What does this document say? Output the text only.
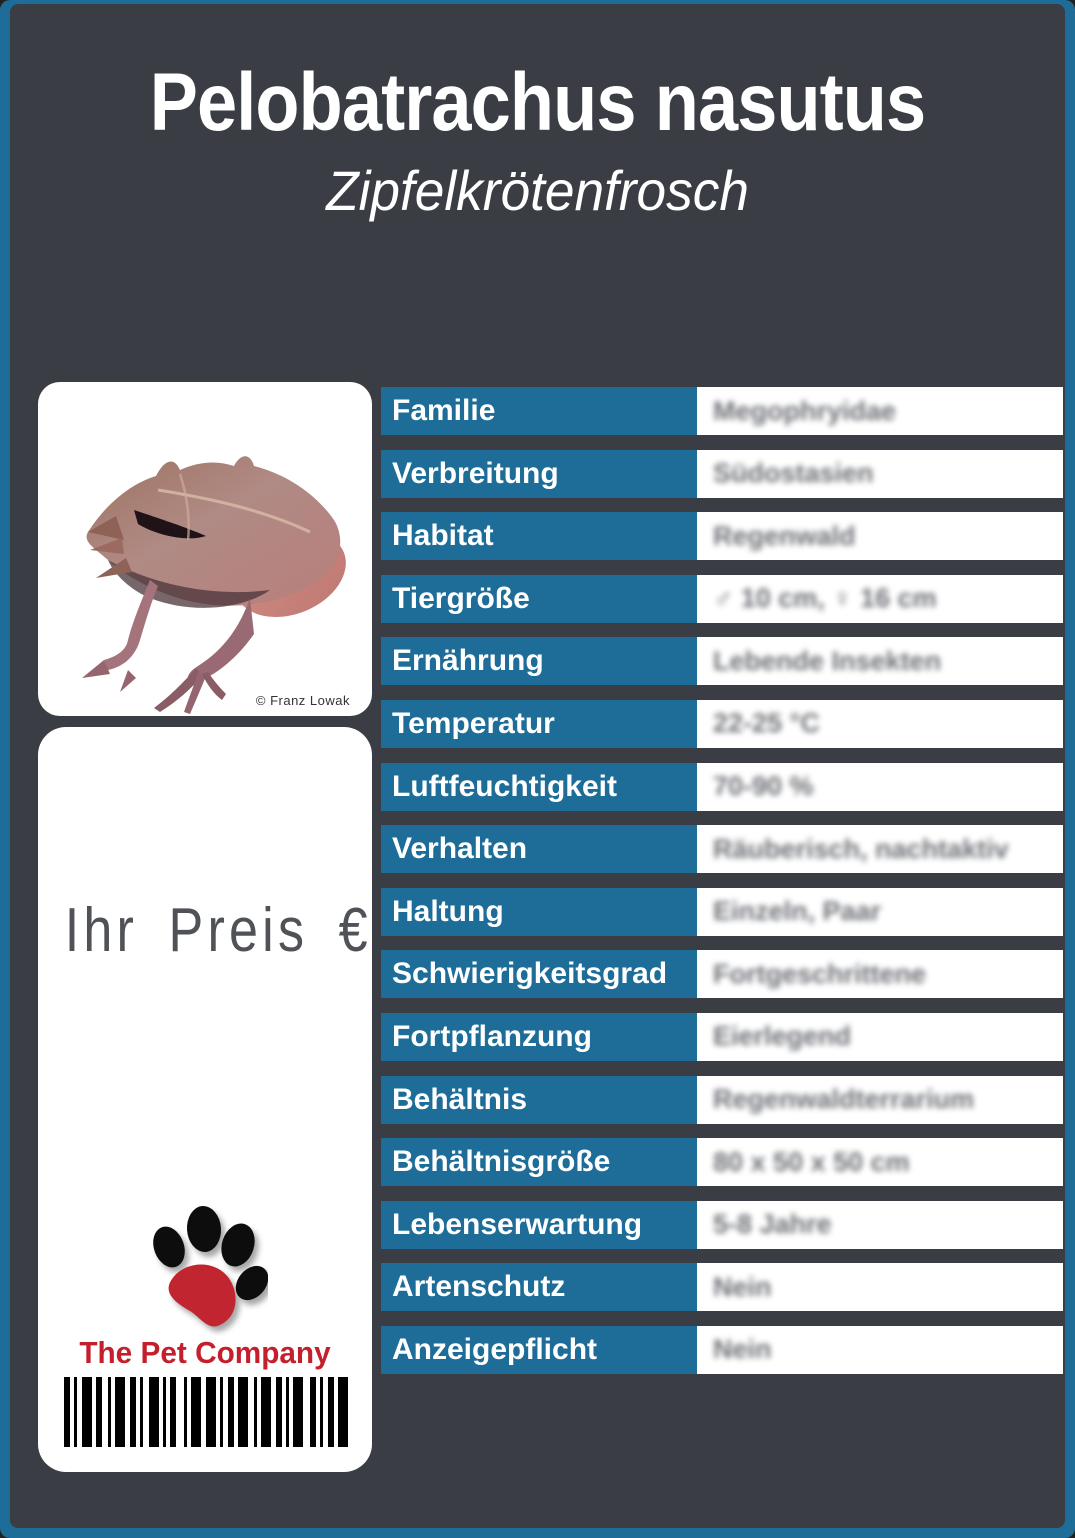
Pelobatrachus nasutus
Zipfelkrötenfrosch
© Franz Lowak
Ihr Preis €
The Pet Company
Familie	Megophryidae
Verbreitung	Südostasien
Habitat	Regenwald
Tiergröße	♂ 10 cm, ♀ 16 cm
Ernährung	Lebende Insekten
Temperatur	22-25 °C
Luftfeuchtigkeit	70-90 %
Verhalten	Räuberisch, nachtaktiv
Haltung	Einzeln, Paar
Schwierigkeitsgrad	Fortgeschrittene
Fortpflanzung	Eierlegend
Behältnis	Regenwaldterrarium
Behältnisgröße	80 x 50 x 50 cm
Lebenserwartung	5-8 Jahre
Artenschutz	Nein
Anzeigepflicht	Nein
